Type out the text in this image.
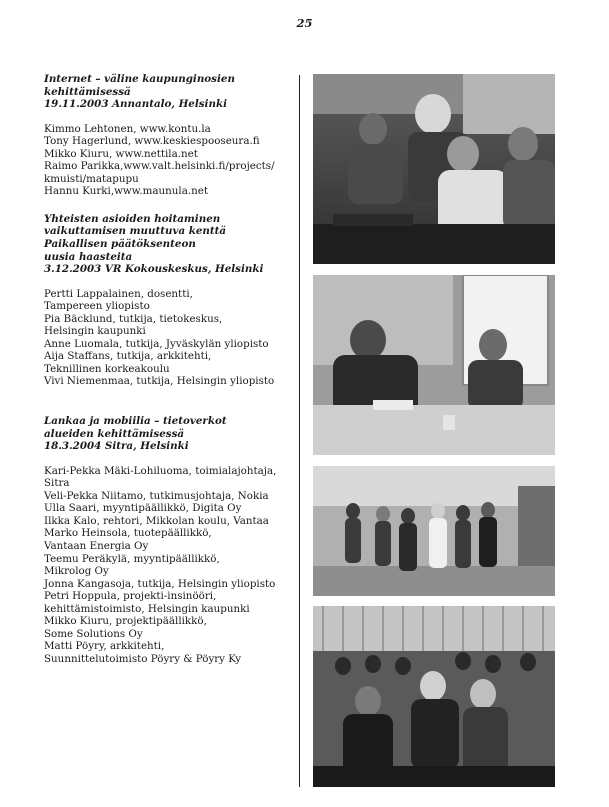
25
Internet – väline kaupunginosien
kehittämisessä
19.11.2003 Annantalo, Helsinki
Kimmo Lehtonen, www.kontu.la
Tony Hagerlund, www.keskiespooseura.fi
Mikko Kiuru, www.nettila.net
Raimo Parikka,www.valt.helsinki.fi/projects/
kmuisti/matapupu
Hannu Kurki,www.maunula.net
Yhteisten asioiden hoitaminen
vaikuttamisen muuttuva kenttä
Paikallisen päätöksenteon
uusia haasteita
3.12.2003 VR Kokouskeskus, Helsinki
Pertti Lappalainen, dosentti,
Tampereen yliopisto
Pia Bäcklund, tutkija, tietokeskus,
Helsingin kaupunki
Anne Luomala, tutkija, Jyväskylän yliopisto
Aija Staffans, tutkija, arkkitehti,
Teknillinen korkeakoulu
Vivi Niemenmaa, tutkija, Helsingin yliopisto
Lankaa ja mobiilia – tietoverkot
alueiden kehittämisessä
18.3.2004 Sitra, Helsinki
Kari-Pekka Mäki-Lohiluoma, toimialajohtaja,
Sitra
Veli-Pekka Niitamo, tutkimusjohtaja, Nokia
Ulla Saari, myyntipäällikkö, Digita Oy
Ilkka Kalo, rehtori, Mikkolan koulu, Vantaa
Marko Heinsola, tuotepäällikkö,
Vantaan Energia Oy
Teemu Peräkylä, myyntipäällikkö,
Mikrolog Oy
Jonna Kangasoja, tutkija, Helsingin yliopisto
Petri Hoppula, projekti-insinööri,
kehittämistoimisto, Helsingin kaupunki
Mikko Kiuru, projektipäällikkö,
Some Solutions Oy
Matti Pöyry, arkkitehti,
Suunnittelutoimisto Pöyry & Pöyry Ky
